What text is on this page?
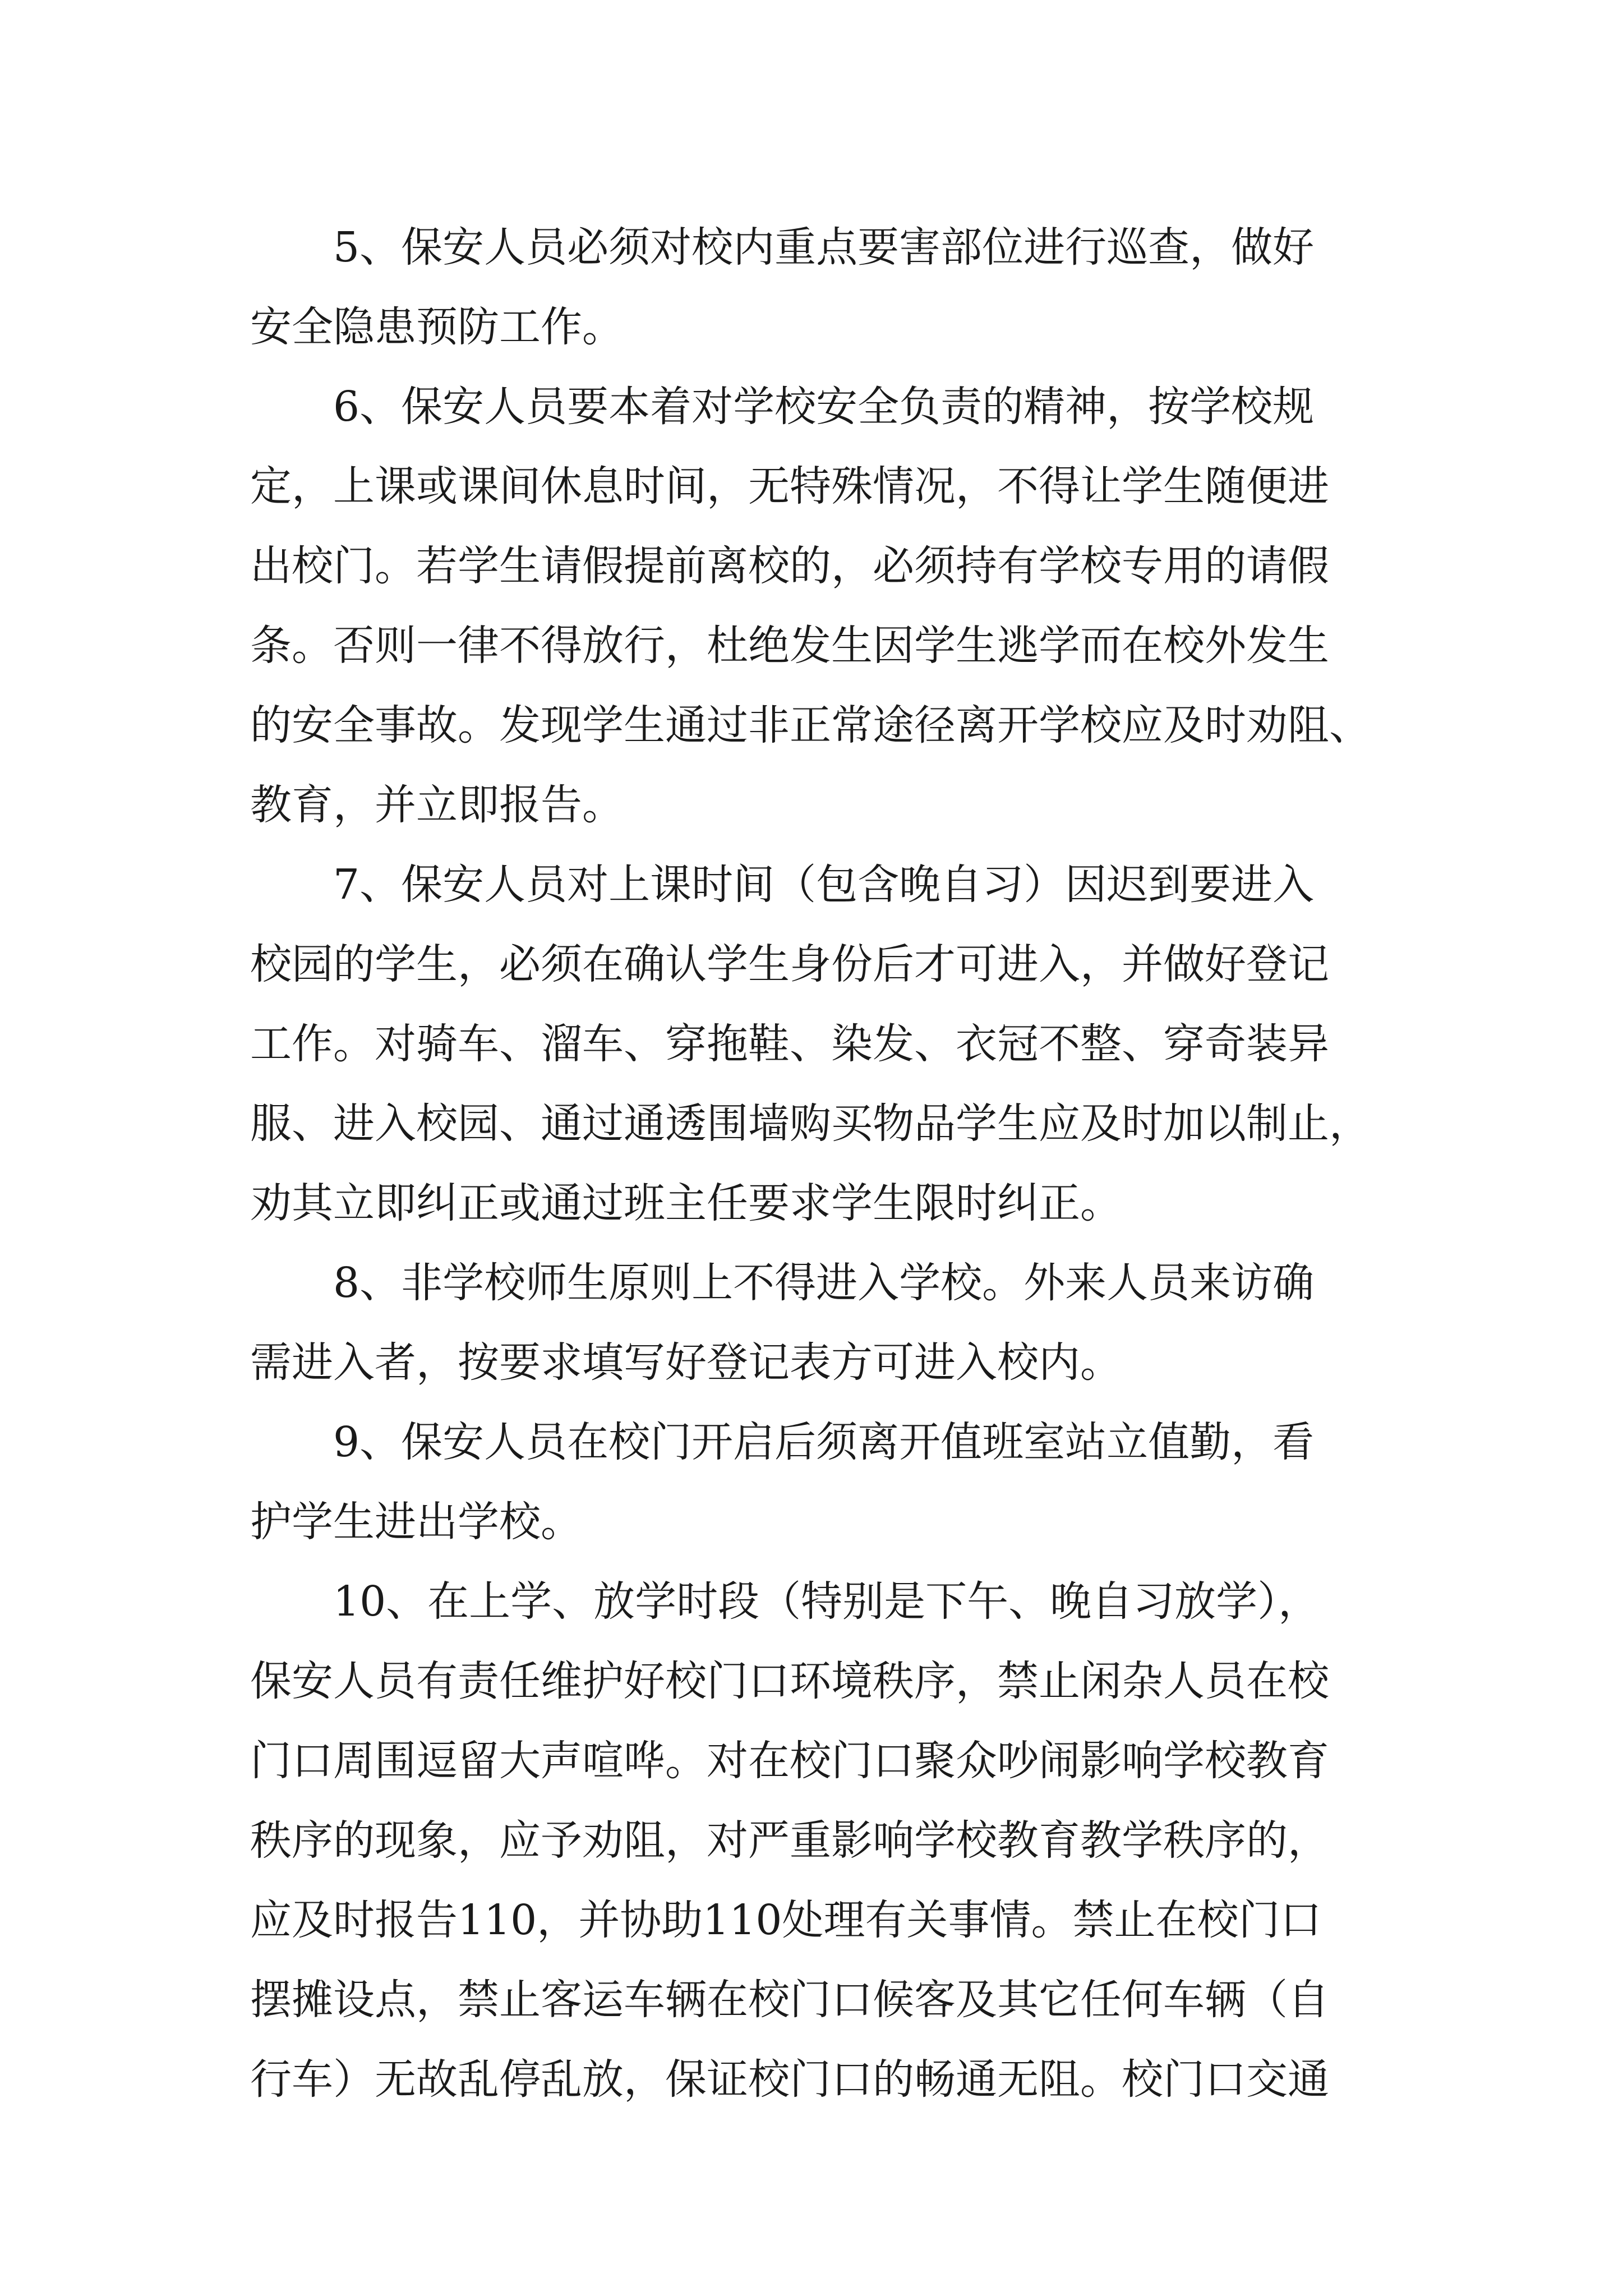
5、保安人员必须对校内重点要害部位进行巡查，做好
安全隐患预防工作。
6、保安人员要本着对学校安全负责的精神，按学校规
定，上课或课间休息时间，无特殊情况，不得让学生随便进
出校门。若学生请假提前离校的，必须持有学校专用的请假
条。否则一律不得放行，杜绝发生因学生逃学而在校外发生
的安全事故。发现学生通过非正常途径离开学校应及时劝阻、
教育，并立即报告。
7、保安人员对上课时间（包含晚自习）因迟到要进入
校园的学生，必须在确认学生身份后才可进入，并做好登记
工作。对骑车、溜车、穿拖鞋、染发、衣冠不整、穿奇装异
服、进入校园、通过通透围墙购买物品学生应及时加以制止，
劝其立即纠正或通过班主任要求学生限时纠正。
8、非学校师生原则上不得进入学校。外来人员来访确
需进入者，按要求填写好登记表方可进入校内。
9、保安人员在校门开启后须离开值班室站立值勤，看
护学生进出学校。
10、在上学、放学时段（特别是下午、晚自习放学），
保安人员有责任维护好校门口环境秩序，禁止闲杂人员在校
门口周围逗留大声喧哗。对在校门口聚众吵闹影响学校教育
秩序的现象，应予劝阻，对严重影响学校教育教学秩序的，
应及时报告110，并协助110处理有关事情。禁止在校门口
摆摊设点，禁止客运车辆在校门口候客及其它任何车辆（自
行车）无故乱停乱放，保证校门口的畅通无阻。校门口交通
